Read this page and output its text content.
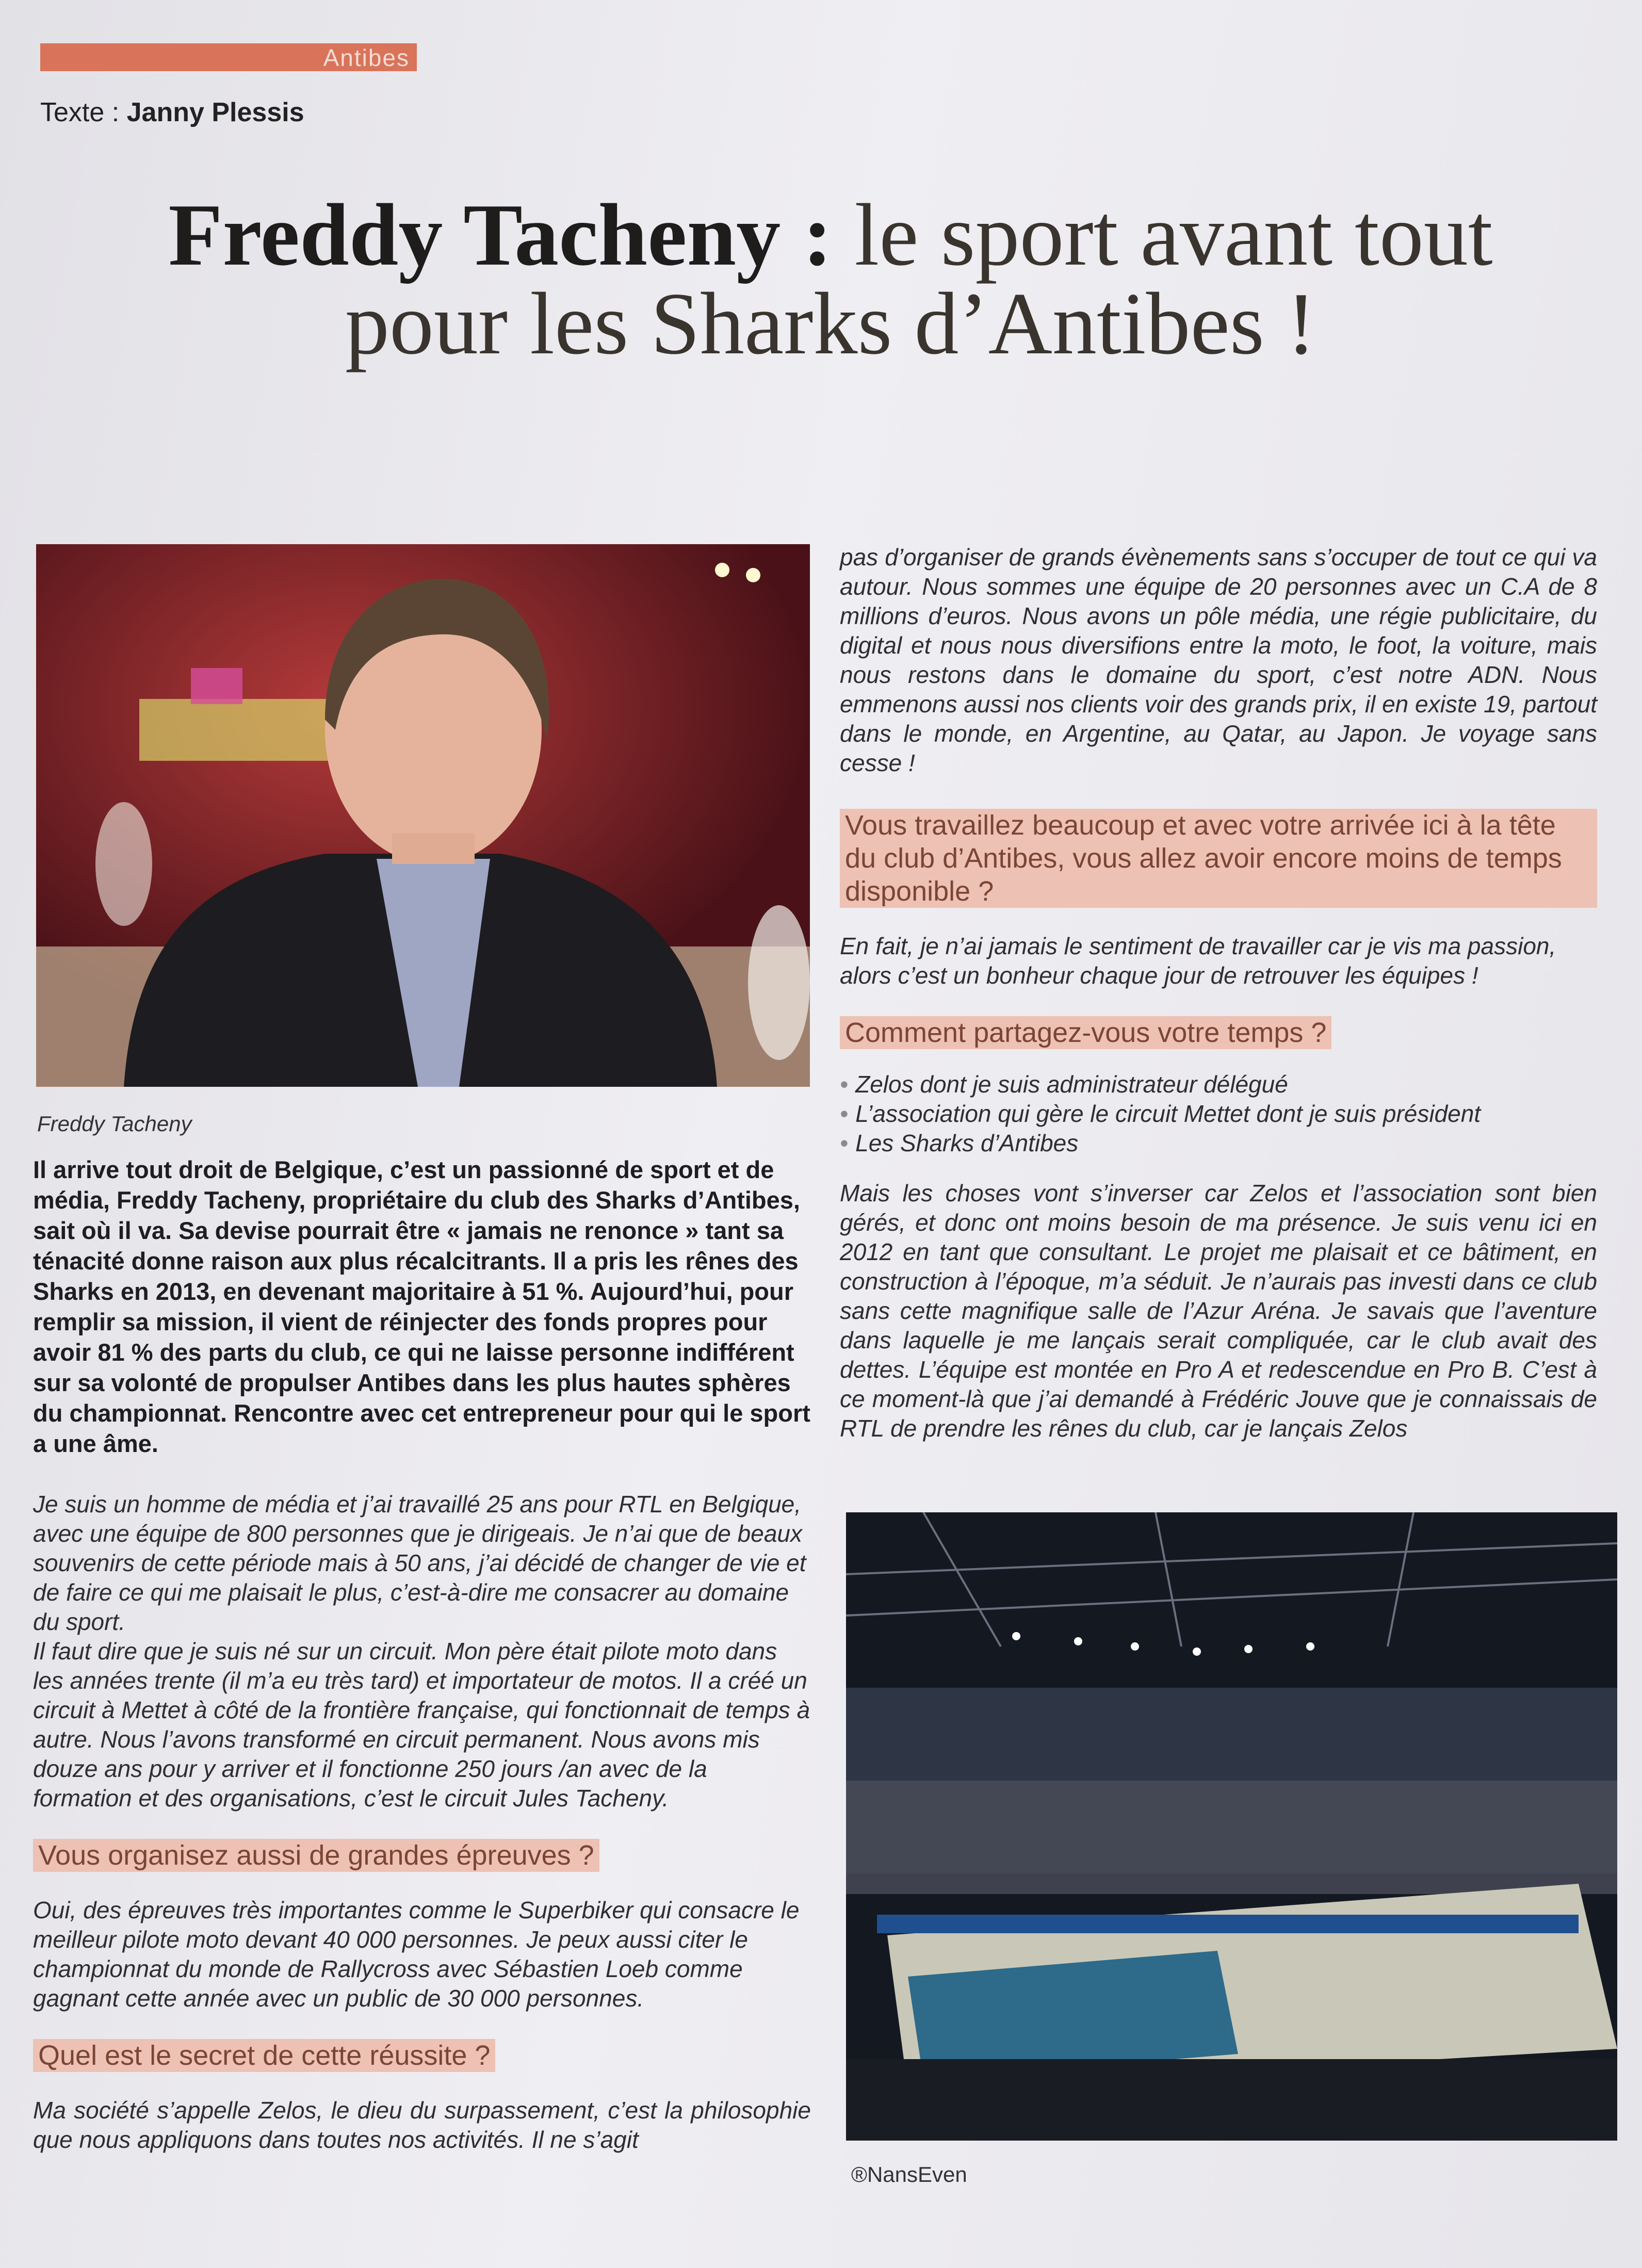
Antibes
Texte : Janny Plessis
Freddy Tacheny : le sport avant tout pour les Sharks d’Antibes !
Freddy Tacheny

Il arrive tout droit de Belgique, c’est un passionné de sport et de média, Freddy Tacheny, propriétaire du club des Sharks d’Antibes, sait où il va. Sa devise pourrait être « jamais ne renonce » tant sa ténacité donne raison aux plus récalcitrants. Il a pris les rênes des Sharks en 2013, en devenant majoritaire à 51 %. Aujourd’hui, pour remplir sa mission, il vient de réinjecter des fonds propres pour avoir 81 % des parts du club, ce qui ne laisse personne indifférent sur sa volonté de propulser Antibes dans les plus hautes sphères du championnat. Rencontre avec cet entrepreneur pour qui le sport a une âme.

Je suis un homme de média et j’ai travaillé 25 ans pour RTL en Belgique, avec une équipe de 800 personnes que je dirigeais. Je n’ai que de beaux souvenirs de cette période mais à 50 ans, j’ai décidé de changer de vie et de faire ce qui me plaisait le plus, c’est-à-dire me consacrer au domaine du sport.

Il faut dire que je suis né sur un circuit. Mon père était pilote moto dans les années trente (il m’a eu très tard) et importateur de motos. Il a créé un circuit à Mettet à côté de la frontière française, qui fonctionnait de temps à autre. Nous l’avons transformé en circuit permanent. Nous avons mis douze ans pour y arriver et il fonctionne 250 jours /an avec de la formation et des organisations, c’est le circuit Jules Tacheny.

Vous organisez aussi de grandes épreuves ?

Oui, des épreuves très importantes comme le Superbiker qui consacre le meilleur pilote moto devant 40 000 personnes. Je peux aussi citer le championnat du monde de Rallycross avec Sébastien Loeb comme gagnant cette année avec un public de 30 000 personnes.

Quel est le secret de cette réussite ?

Ma société s’appelle Zelos, le dieu du surpassement, c’est la philosophie que nous appliquons dans toutes nos activités. Il ne s’agit

pas d’organiser de grands évènements sans s’occuper de tout ce qui va autour. Nous sommes une équipe de 20 personnes avec un C.A de 8 millions d’euros. Nous avons un pôle média, une régie publicitaire, du digital et nous nous diversifions entre la moto, le foot, la voiture, mais nous restons dans le domaine du sport, c’est notre ADN. Nous emmenons aussi nos clients voir des grands prix, il en existe 19, partout dans le monde, en Argentine, au Qatar, au Japon. Je voyage sans cesse !

Vous travaillez beaucoup et avec votre arrivée ici à la tête du club d’Antibes, vous allez avoir encore moins de temps disponible ?

En fait, je n’ai jamais le sentiment de travailler car je vis ma passion, alors c’est un bonheur chaque jour de retrouver les équipes !

Comment partagez-vous votre temps ?
• Zelos dont je suis administrateur délégué
• L’association qui gère le circuit Mettet dont je suis président
• Les Sharks d’Antibes

Mais les choses vont s’inverser car Zelos et l’association sont bien gérés, et donc ont moins besoin de ma présence. Je suis venu ici en 2012 en tant que consultant. Le projet me plaisait et ce bâtiment, en construction à l’époque, m’a séduit. Je n’aurais pas investi dans ce club sans cette magnifique salle de l’Azur Aréna. Je savais que l’aventure dans laquelle je me lançais serait compliquée, car le club avait des dettes. L’équipe est montée en Pro A et redescendue en Pro B. C’est à ce moment-là que j’ai demandé à Frédéric Jouve que je connaissais de RTL de prendre les rênes du club, car je lançais Zelos

®NansEven
